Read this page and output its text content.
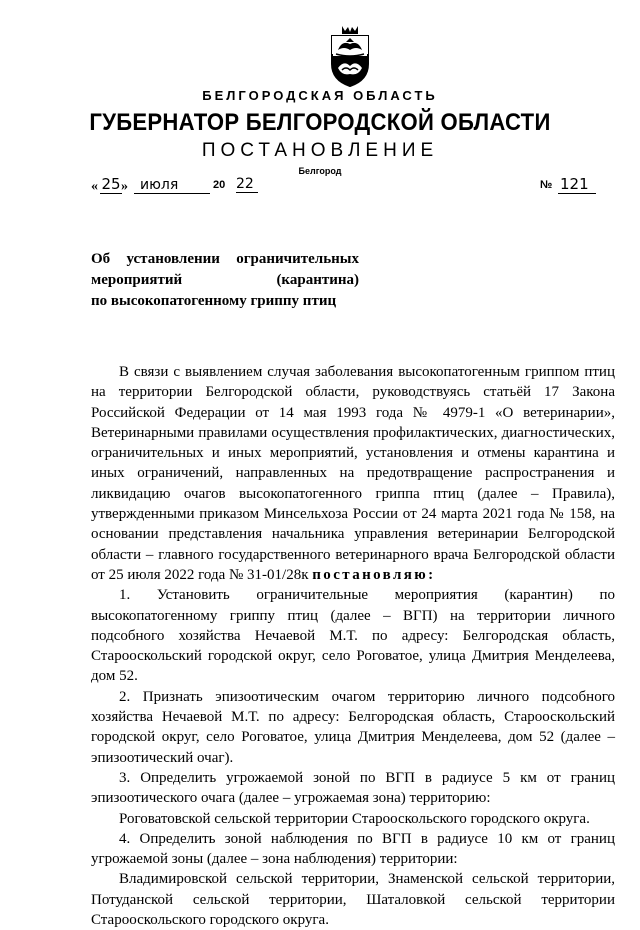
БЕЛГОРОДСКАЯ ОБЛАСТЬ
ГУБЕРНАТОР БЕЛГОРОДСКОЙ ОБЛАСТИ
ПОСТАНОВЛЕНИЕ
Белгород
« 25 » июля	20 22	№ 121
Об установлении ограничительных
мероприятий (карантина)
по высокопатогенному гриппу птиц

В связи с выявлением случая заболевания высокопатогенным гриппом птиц на территории Белгородской области, руководствуясь статьёй 17 Закона Российской Федерации от 14 мая 1993 года № 4979-1 «О ветеринарии», Ветеринарными правилами осуществления профилактических, диагностических, ограничительных и иных мероприятий, установления и отмены карантина и иных ограничений, направленных на предотвращение распространения и ликвидацию очагов высокопатогенного гриппа птиц (далее – Правила), утвержденными приказом Минсельхоза России от 24 марта 2021 года № 158, на основании представления начальника управления ветеринарии Белгородской области – главного государственного ветеринарного врача Белгородской области от 25 июля 2022 года № 31-01/28к постановляю:

1. Установить ограничительные мероприятия (карантин) по высокопатогенному гриппу птиц (далее – ВГП) на территории личного подсобного хозяйства Нечаевой М.Т. по адресу: Белгородская область, Старооскольский городской округ, село Роговатое, улица Дмитрия Менделеева, дом 52.

2. Признать эпизоотическим очагом территорию личного подсобного хозяйства Нечаевой М.Т. по адресу: Белгородская область, Старооскольский городской округ, село Роговатое, улица Дмитрия Менделеева, дом 52 (далее – эпизоотический очаг).

3. Определить угрожаемой зоной по ВГП в радиусе 5 км от границ эпизоотического очага (далее – угрожаемая зона) территорию:

Роговатовской сельской территории Старооскольского городского округа.

4. Определить зоной наблюдения по ВГП в радиусе 10 км от границ угрожаемой зоны (далее – зона наблюдения) территории:

Владимировской сельской территории, Знаменской сельской территории, Потуданской сельской территории, Шаталовкой сельской территории Старооскольского городского округа.
